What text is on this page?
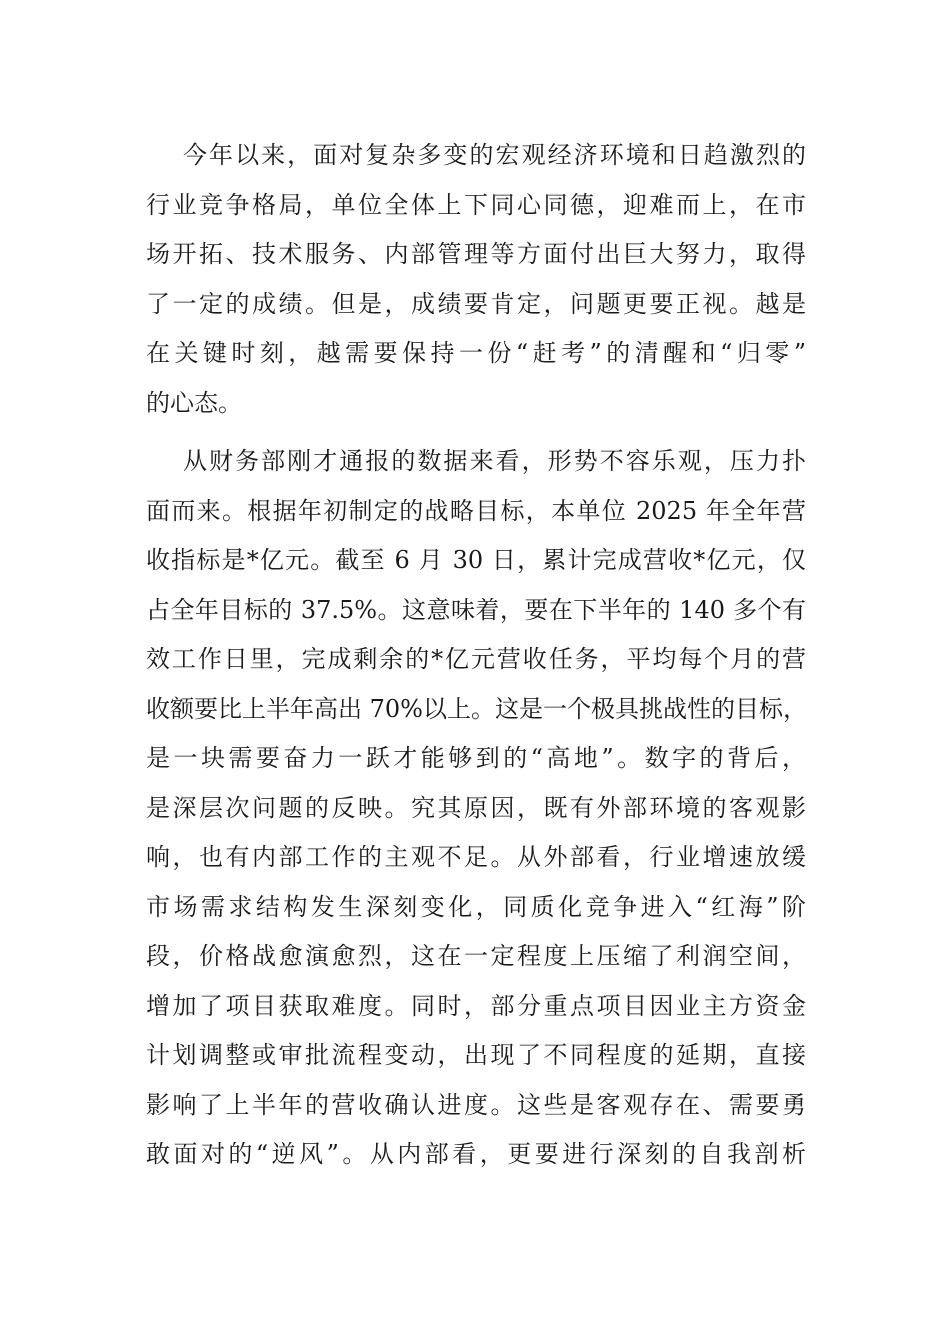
今年以来，面对复杂多变的宏观经济环境和日趋激烈的
行业竞争格局，单位全体上下同心同德，迎难而上，在市
场开拓、技术服务、内部管理等方面付出巨大努力，取得
了一定的成绩。但是，成绩要肯定，问题更要正视。越是
在关键时刻，越需要保持一份“赶考”的清醒和“归零”
的心态。
从财务部刚才通报的数据来看，形势不容乐观，压力扑
面而来。根据年初制定的战略目标，本单位 2025 年全年营
收指标是*亿元。截至 6 月 30 日，累计完成营收*亿元，仅
占全年目标的 37.5%。这意味着，要在下半年的 140 多个有
效工作日里，完成剩余的*亿元营收任务，平均每个月的营
收额要比上半年高出 70%以上。这是一个极具挑战性的目标，
是一块需要奋力一跃才能够到的“高地”。数字的背后，
是深层次问题的反映。究其原因，既有外部环境的客观影
响，也有内部工作的主观不足。从外部看，行业增速放缓
市场需求结构发生深刻变化，同质化竞争进入“红海”阶
段，价格战愈演愈烈，这在一定程度上压缩了利润空间，
增加了项目获取难度。同时，部分重点项目因业主方资金
计划调整或审批流程变动，出现了不同程度的延期，直接
影响了上半年的营收确认进度。这些是客观存在、需要勇
敢面对的“逆风”。从内部看，更要进行深刻的自我剖析
